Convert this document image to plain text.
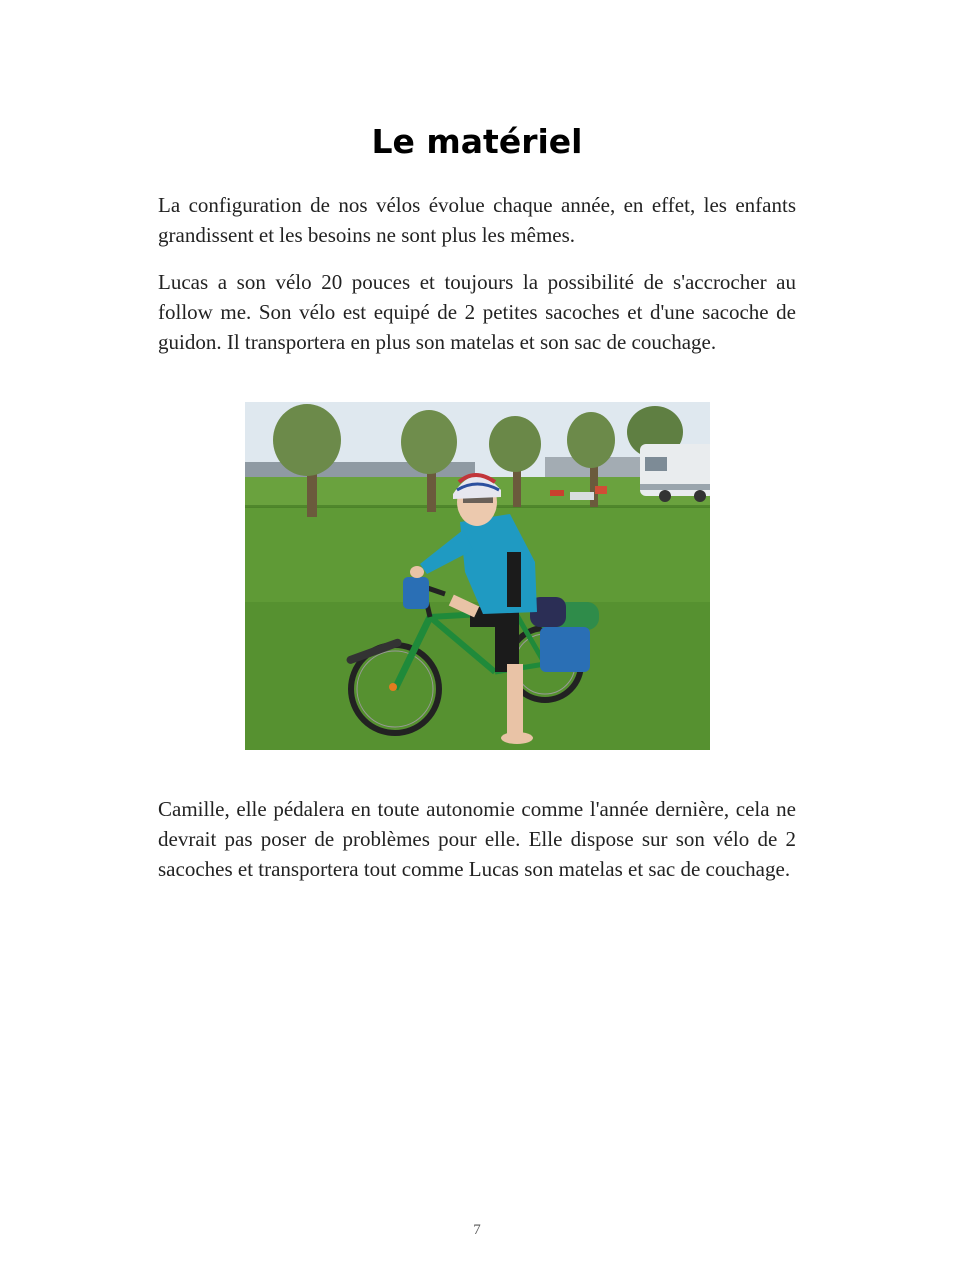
Le matériel

La configuration de nos vélos évolue chaque année, en effet, les enfants grandissent et les besoins ne sont plus les mêmes.

Lucas a son vélo 20 pouces et toujours la possibilité de s'accrocher au follow me. Son vélo est equipé de 2 petites sacoches et d'une sacoche de guidon. Il transportera en plus son matelas et son sac de couchage.

Camille, elle pédalera en toute autonomie comme l'année dernière, cela ne devrait pas poser de problèmes pour elle. Elle dispose sur son vélo de 2 sacoches et transportera tout comme Lucas son matelas et sac de couchage.

7
